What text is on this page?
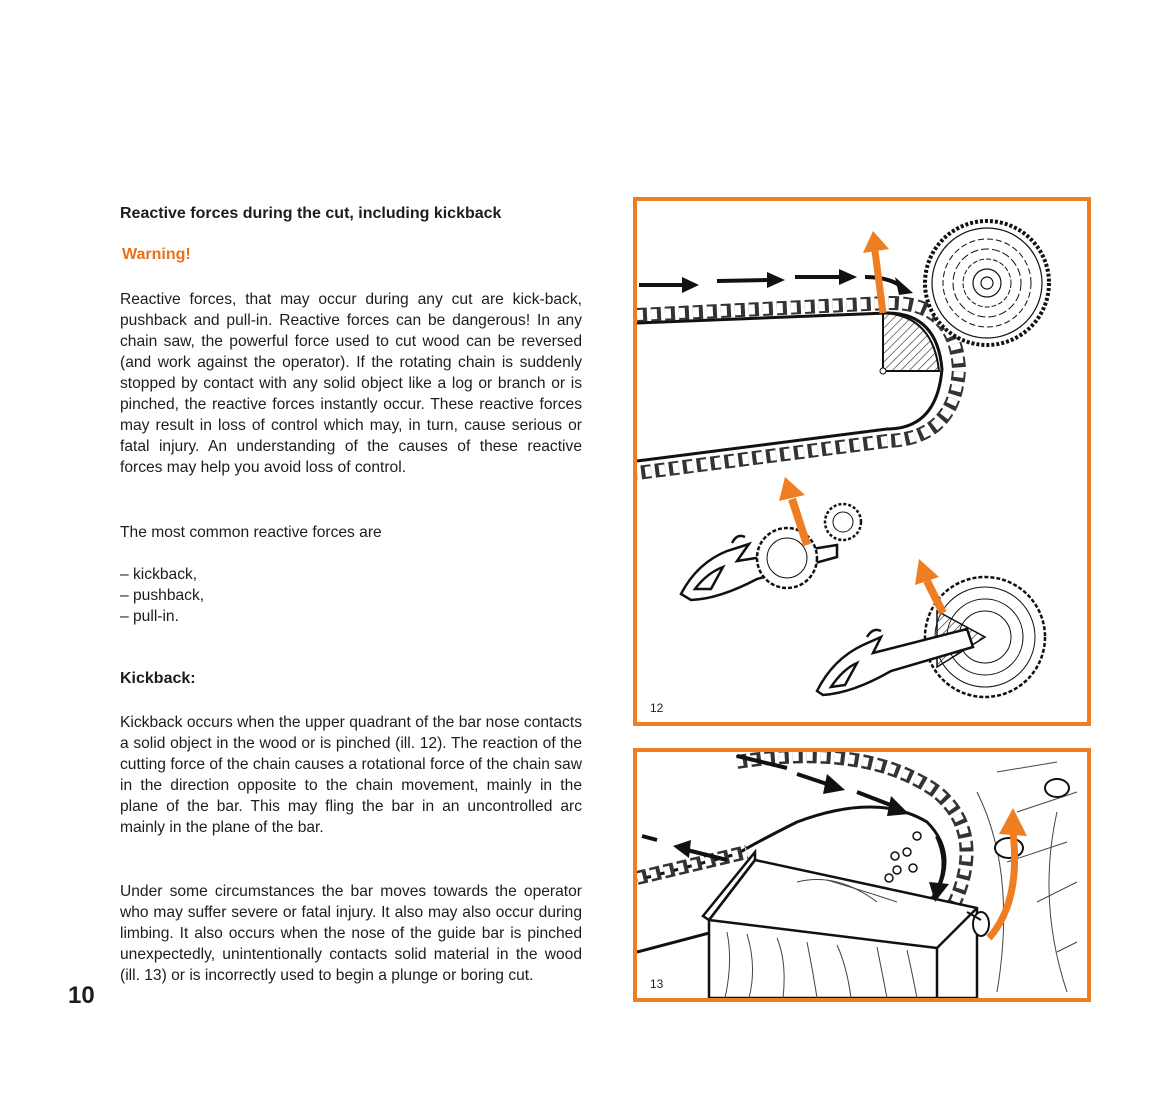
Reactive forces during the cut, including kickback
Warning!
Reactive forces, that may occur during any cut are kick-back, pushback and pull-in. Reactive forces can be dangerous! In any chain saw, the powerful force used to cut wood can be reversed (and work against the operator). If the rotating chain is suddenly stopped by contact with any solid object like a log or branch or is pinched, the reactive forces instantly occur. These reactive forces may result in loss of control which may, in turn, cause serious or fatal injury. An understanding of the causes of these reactive forces may help you avoid loss of control.
The most common reactive forces are
– kickback,
– pushback,
– pull-in.
Kickback:
Kickback occurs when the upper quadrant of the bar nose contacts a solid object in the wood or is pinched (ill. 12). The reaction of the cutting force of the chain causes a rotational force of the chain saw in the direction opposite to the chain movement, mainly in the plane of the bar. This may fling the bar in an uncontrolled arc mainly in the plane of the bar.
Under some circumstances the bar moves towards the operator who may suffer severe or fatal injury. It also may also occur during limbing. It also occurs when the nose of the guide bar is pinched unexpectedly, unintentionally contacts solid material in the wood (ill. 13) or is incorrectly used to begin a plunge or boring cut.
10
12
13
